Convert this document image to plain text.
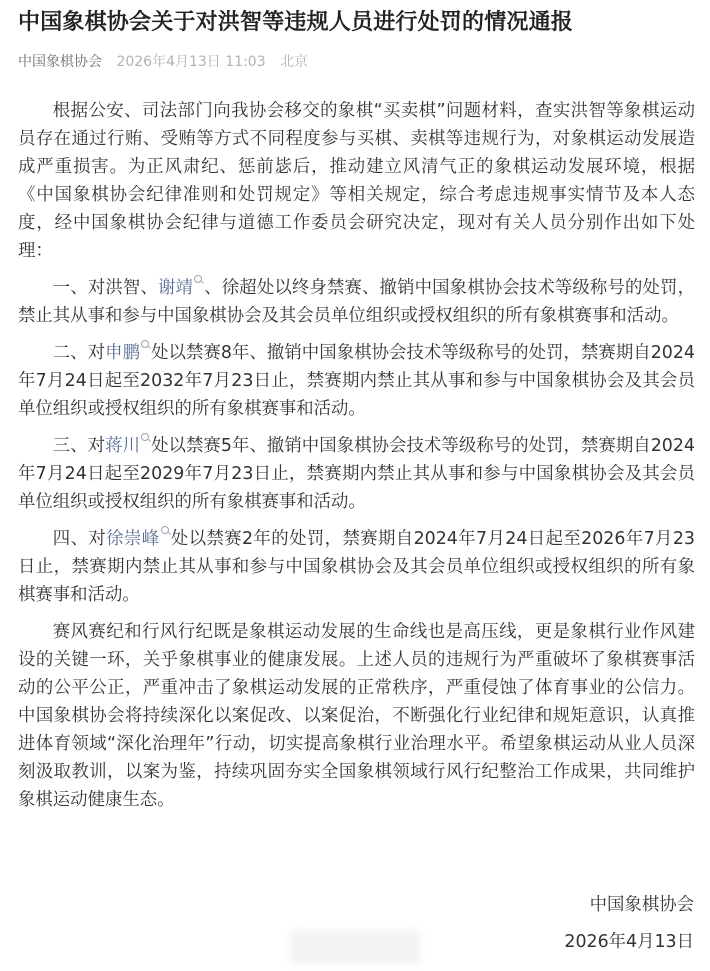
中国象棋协会关于对洪智等违规人员进行处罚的情况通报
中国象棋协会 2026年4月13日 11:03 北京

根据公安、司法部门向我协会移交的象棋“买卖棋”问题材料，查实洪智等象棋运动员存在通过行贿、受贿等方式不同程度参与买棋、卖棋等违规行为，对象棋运动发展造成严重损害。为正风肃纪、惩前毖后，推动建立风清气正的象棋运动发展环境，根据《中国象棋协会纪律准则和处罚规定》等相关规定，综合考虑违规事实情节及本人态度，经中国象棋协会纪律与道德工作委员会研究决定，现对有关人员分别作出如下处理：

一、对洪智、谢靖 、徐超处以终身禁赛、撤销中国象棋协会技术等级称号的处罚，禁止其从事和参与中国象棋协会及其会员单位组织或授权组织的所有象棋赛事和活动。

二、对申鹏 处以禁赛8年、撤销中国象棋协会技术等级称号的处罚，禁赛期自2024年7月24日起至2032年7月23日止，禁赛期内禁止其从事和参与中国象棋协会及其会员单位组织或授权组织的所有象棋赛事和活动。

三、对蒋川 处以禁赛5年、撤销中国象棋协会技术等级称号的处罚，禁赛期自2024年7月24日起至2029年7月23日止，禁赛期内禁止其从事和参与中国象棋协会及其会员单位组织或授权组织的所有象棋赛事和活动。

四、对徐崇峰 处以禁赛2年的处罚，禁赛期自2024年7月24日起至2026年7月23日止，禁赛期内禁止其从事和参与中国象棋协会及其会员单位组织或授权组织的所有象棋赛事和活动。

赛风赛纪和行风行纪既是象棋运动发展的生命线也是高压线，更是象棋行业作风建设的关键一环，关乎象棋事业的健康发展。上述人员的违规行为严重破坏了象棋赛事活动的公平公正，严重冲击了象棋运动发展的正常秩序，严重侵蚀了体育事业的公信力。中国象棋协会将持续深化以案促改、以案促治，不断强化行业纪律和规矩意识，认真推进体育领域“深化治理年”行动，切实提高象棋行业治理水平。希望象棋运动从业人员深刻汲取教训，以案为鉴，持续巩固夯实全国象棋领域行风行纪整治工作成果，共同维护象棋运动健康生态。

中国象棋协会
2026年4月13日
